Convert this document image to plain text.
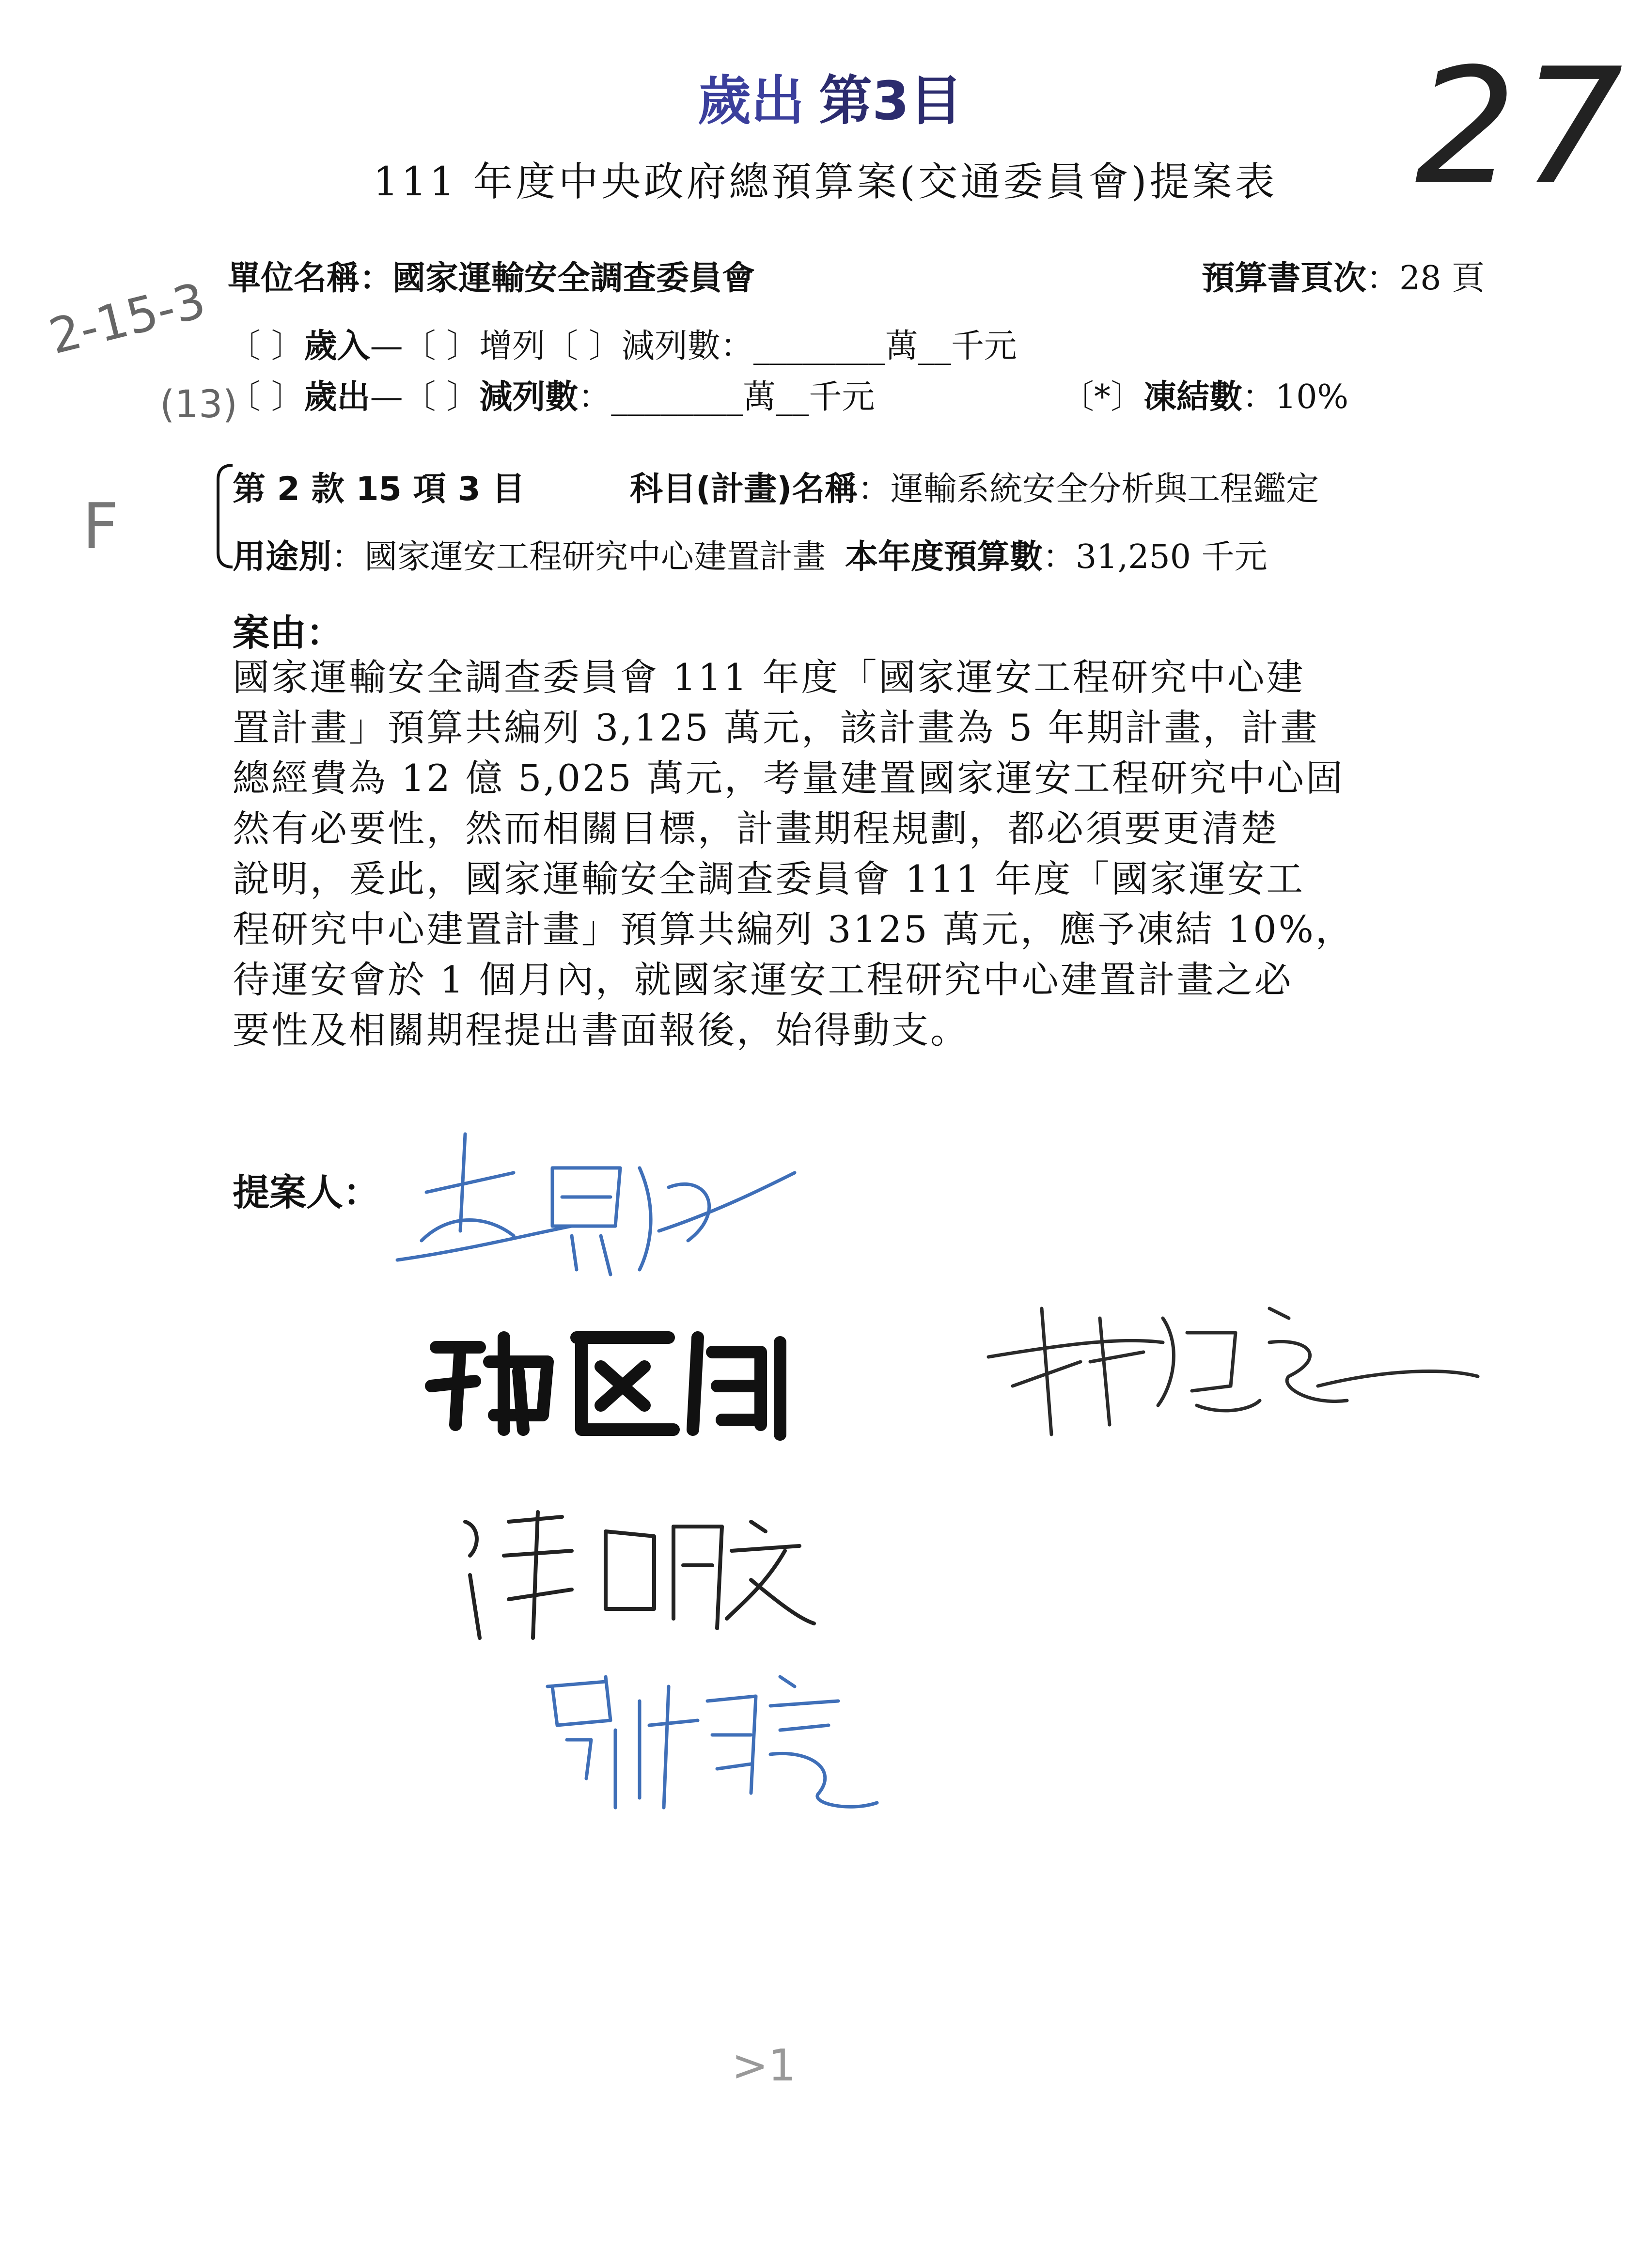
歲出 第3目	27
111 年度中央政府總預算案(交通委員會)提案表
單位名稱：國家運輸安全調查委員會	預算書頁次：28 頁
2-15-3
(13)
F
〔 〕歲入—〔 〕增列〔 〕減列數：________萬__千元
〔 〕歲出—〔 〕減列數：________萬__千元	〔*〕凍結數：10%
第 2 款 15 項 3 目	科目(計畫)名稱：運輸系統安全分析與工程鑑定
用途別：國家運安工程研究中心建置計畫 本年度預算數：31,250 千元
案由：
國家運輸安全調查委員會 111 年度「國家運安工程研究中心建
置計畫」預算共編列 3,125 萬元，該計畫為 5 年期計畫，計畫
總經費為 12 億 5,025 萬元，考量建置國家運安工程研究中心固
然有必要性，然而相關目標，計畫期程規劃，都必須要更清楚
說明，爰此，國家運輸安全調查委員會 111 年度「國家運安工
程研究中心建置計畫」預算共編列 3125 萬元，應予凍結 10%，
待運安會於 1 個月內，就國家運安工程研究中心建置計畫之必
要性及相關期程提出書面報後，始得動支。
提案人：
>1
